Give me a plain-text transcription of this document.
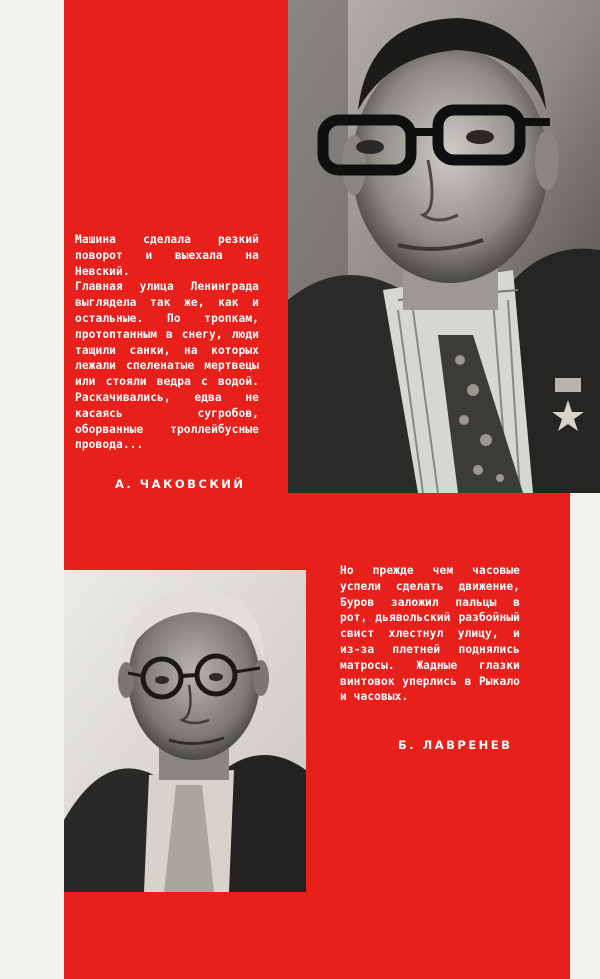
Машина сделала резкий поворот и выехала на Невский.

Главная улица Ленинграда выглядела так же, как и остальные. По тропкам, протоптанным в снегу, люди тащили санки, на которых лежали спеленатые мертвецы или стояли ведра с водой. Раскачивались, едва не касаясь сугробов, оборванные троллейбусные провода...

А. ЧАКОВСКИЙ

Но прежде чем часовые успели сделать движение, Буров заложил пальцы в рот, дьявольский разбойный свист хлестнул улицу, и из-за плетней поднялись матросы. Жадные глазки винтовок уперлись в Рыкало и часовых.

Б. ЛАВРЕНЕВ
